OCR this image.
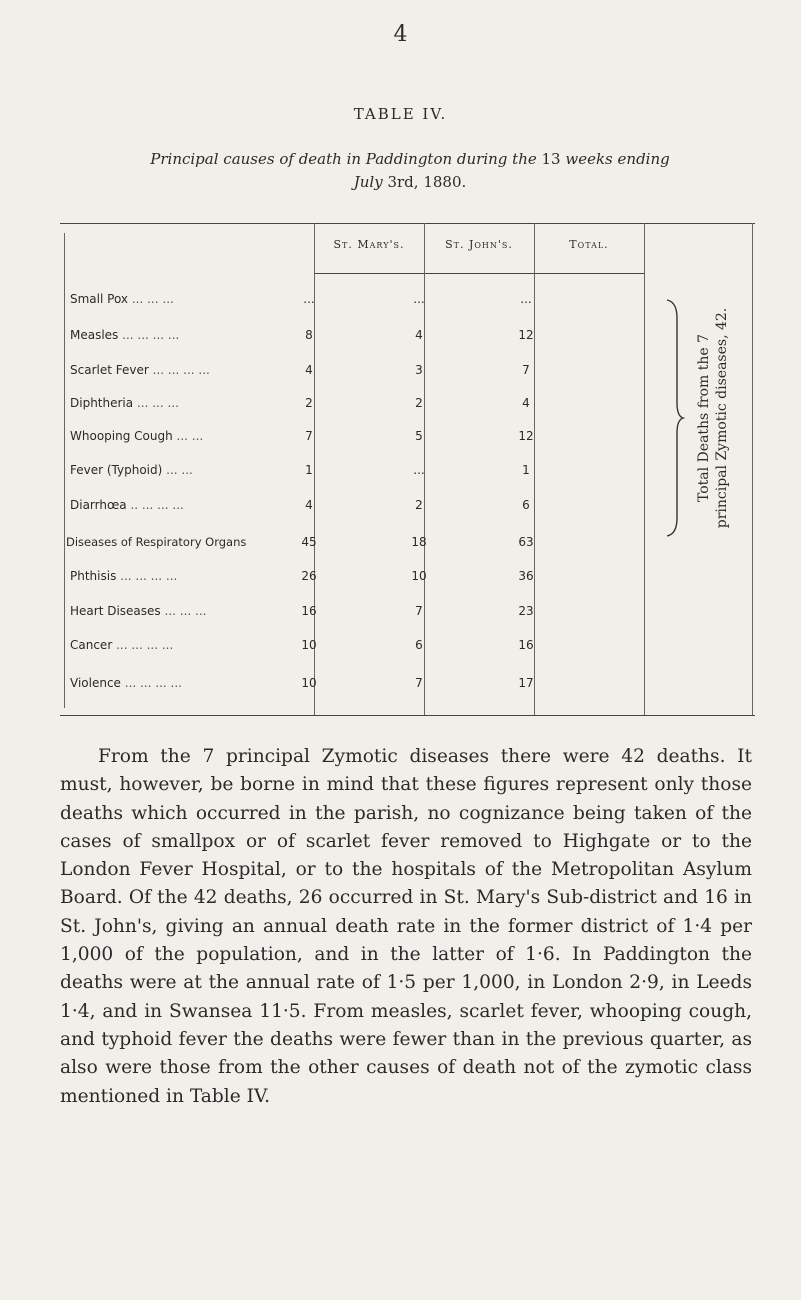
4
TABLE IV.
Principal causes of death in Paddington during the 13 weeks ending
July 3rd, 1880.
St. Mary's.	St. John's.	Total.
Small Pox ... ... ...	...	...	...
Measles ... ... ... ...	8	4	12
Scarlet Fever ... ... ... ...	4	3	7
Diphtheria ... ... ...	2	2	4
Whooping Cough ... ...	7	5	12
Fever (Typhoid) ... ...	1	...	1
Diarrhœa .. ... ... ...	4	2	6
Diseases of Respiratory Organs	45	18	63
Phthisis ... ... ... ...	26	10	36
Heart Diseases ... ... ...	16	7	23
Cancer ... ... ... ...	10	6	16
Violence ... ... ... ...	10	7	17
Total Deaths from the 7 principal Zymotic diseases, 42.
From the 7 principal Zymotic diseases there were 42 deaths. It must, however, be borne in mind that these figures represent only those deaths which occurred in the parish, no cognizance being taken of the cases of smallpox or of scarlet fever removed to Highgate or to the London Fever Hospital, or to the hospitals of the Metropolitan Asylum Board. Of the 42 deaths, 26 occurred in St. Mary's Sub-district and 16 in St. John's, giving an annual death rate in the former district of 1·4 per 1,000 of the population, and in the latter of 1·6. In Paddington the deaths were at the annual rate of 1·5 per 1,000, in London 2·9, in Leeds 1·4, and in Swansea 11·5. From measles, scarlet fever, whooping cough, and typhoid fever the deaths were fewer than in the previous quarter, as also were those from the other causes of death not of the zymotic class mentioned in Table IV.
